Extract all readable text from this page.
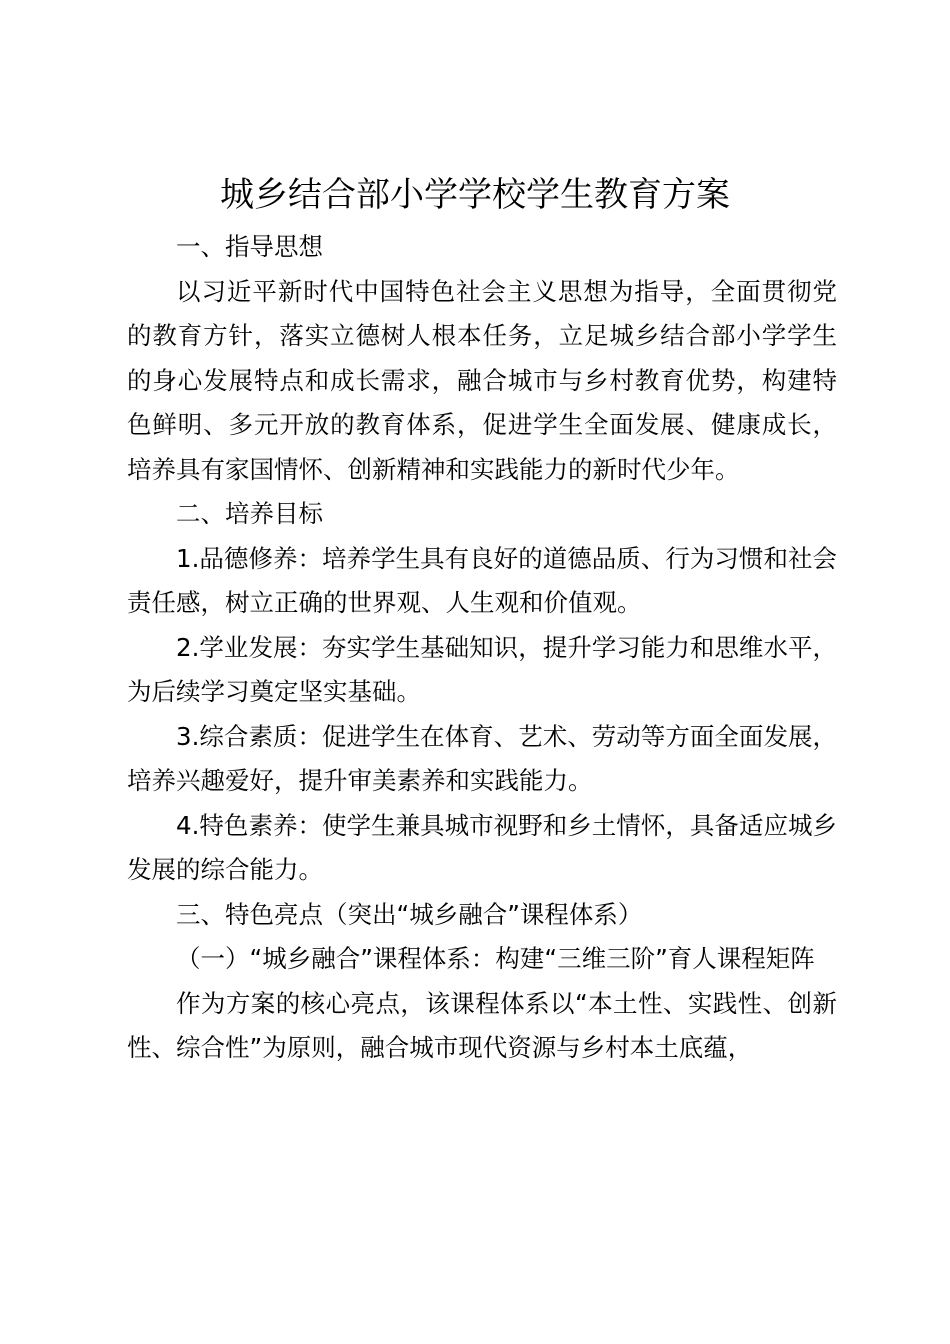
城乡结合部小学学校学生教育方案

一、指导思想

以习近平新时代中国特色社会主义思想为指导，全面贯彻党的教育方针，落实立德树人根本任务，立足城乡结合部小学学生的身心发展特点和成长需求，融合城市与乡村教育优势，构建特色鲜明、多元开放的教育体系，促进学生全面发展、健康成长，培养具有家国情怀、创新精神和实践能力的新时代少年。

二、培养目标

1.品德修养：培养学生具有良好的道德品质、行为习惯和社会责任感，树立正确的世界观、人生观和价值观。

2.学业发展：夯实学生基础知识，提升学习能力和思维水平，为后续学习奠定坚实基础。

3.综合素质：促进学生在体育、艺术、劳动等方面全面发展，培养兴趣爱好，提升审美素养和实践能力。

4.特色素养：使学生兼具城市视野和乡土情怀，具备适应城乡发展的综合能力。

三、特色亮点（突出“城乡融合”课程体系）

（一）“城乡融合”课程体系：构建“三维三阶”育人课程矩阵

作为方案的核心亮点，该课程体系以“本土性、实践性、创新性、综合性”为原则，融合城市现代资源与乡村本土底蕴，
